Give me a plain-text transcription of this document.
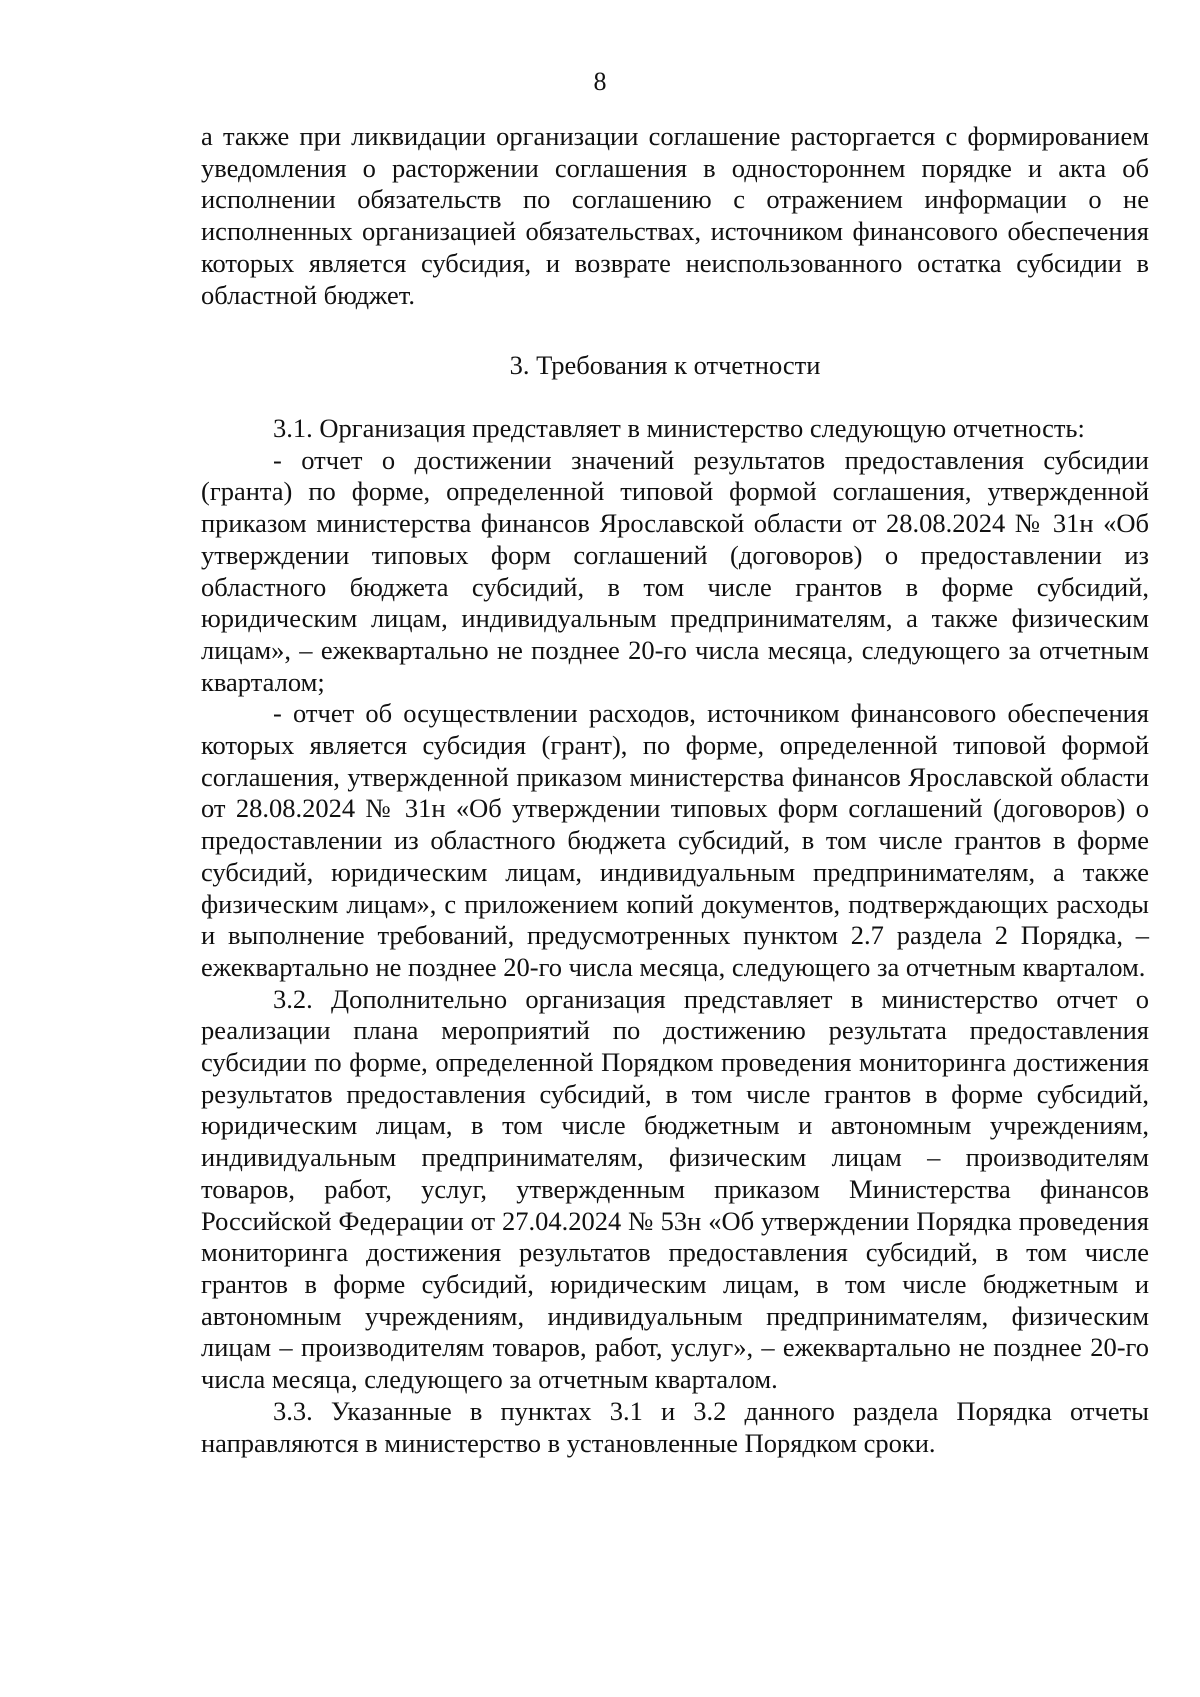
8

а также при ликвидации организации соглашение расторгается с формированием уведомления о расторжении соглашения в одностороннем порядке и акта об исполнении обязательств по соглашению с отражением информации о не исполненных организацией обязательствах, источником финансового обеспечения которых является субсидия, и возврате неиспользованного остатка субсидии в областной бюджет.

3. Требования к отчетности

3.1. Организация представляет в министерство следующую отчетность:

- отчет о достижении значений результатов предоставления субсидии (гранта) по форме, определенной типовой формой соглашения, утвержденной приказом министерства финансов Ярославской области от 28.08.2024 № 31н «Об утверждении типовых форм соглашений (договоров) о предоставлении из областного бюджета субсидий, в том числе грантов в форме субсидий, юридическим лицам, индивидуальным предпринимателям, а также физическим лицам», – ежеквартально не позднее 20-го числа месяца, следующего за отчетным кварталом;

- отчет об осуществлении расходов, источником финансового обеспечения которых является субсидия (грант), по форме, определенной типовой формой соглашения, утвержденной приказом министерства финансов Ярославской области от 28.08.2024 № 31н «Об утверждении типовых форм соглашений (договоров) о предоставлении из областного бюджета субсидий, в том числе грантов в форме субсидий, юридическим лицам, индивидуальным предпринимателям, а также физическим лицам», с приложением копий документов, подтверждающих расходы и выполнение требований, предусмотренных пунктом 2.7 раздела 2 Порядка, – ежеквартально не позднее 20-го числа месяца, следующего за отчетным кварталом.

3.2. Дополнительно организация представляет в министерство отчет о реализации плана мероприятий по достижению результата предоставления субсидии по форме, определенной Порядком проведения мониторинга достижения результатов предоставления субсидий, в том числе грантов в форме субсидий, юридическим лицам, в том числе бюджетным и автономным учреждениям, индивидуальным предпринимателям, физическим лицам – производителям товаров, работ, услуг, утвержденным приказом Министерства финансов Российской Федерации от 27.04.2024 № 53н «Об утверждении Порядка проведения мониторинга достижения результатов предоставления субсидий, в том числе грантов в форме субсидий, юридическим лицам, в том числе бюджетным и автономным учреждениям, индивидуальным предпринимателям, физическим лицам – производителям товаров, работ, услуг», – ежеквартально не позднее 20-го числа месяца, следующего за отчетным кварталом.

3.3. Указанные в пунктах 3.1 и 3.2 данного раздела Порядка отчеты направляются в министерство в установленные Порядком сроки.
